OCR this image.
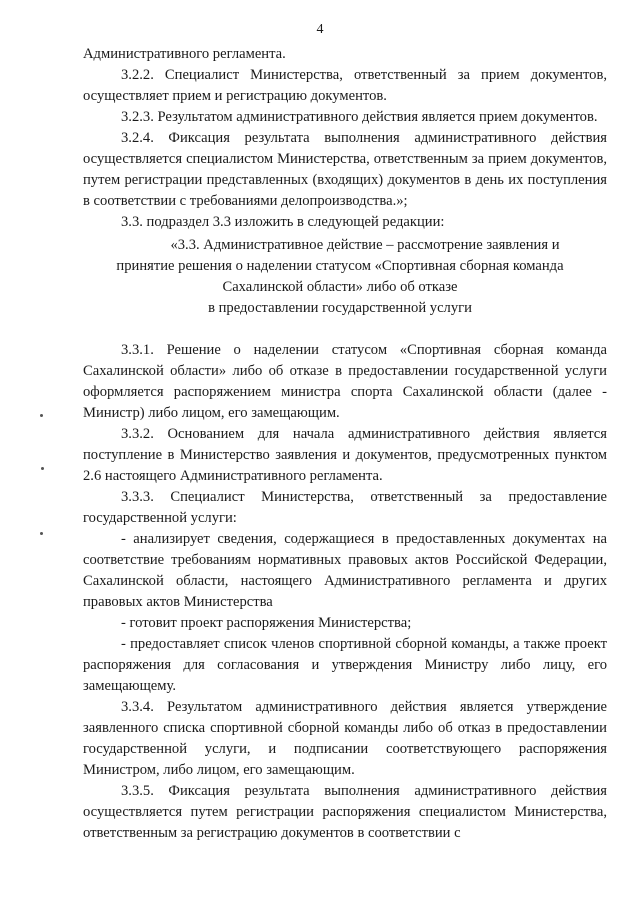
4

Административного регламента.

3.2.2. Специалист Министерства, ответственный за прием документов, осуществляет прием и регистрацию документов.

3.2.3. Результатом административного действия является прием документов.

3.2.4. Фиксация результата выполнения административного действия осуществляется специалистом Министерства, ответственным за прием документов, путем регистрации представленных (входящих) документов в день их поступления в соответствии с требованиями делопроизводства.»;

3.3. подраздел 3.3 изложить в следующей редакции:

«3.3. Административное действие – рассмотрение заявления и
принятие решения о наделении статусом «Спортивная сборная команда
Сахалинской области» либо об отказе
в предоставлении государственной услуги

3.3.1. Решение о наделении статусом «Спортивная сборная команда Сахалинской области» либо об отказе в предоставлении государственной услуги оформляется распоряжением министра спорта Сахалинской области (далее - Министр) либо лицом, его замещающим.

3.3.2. Основанием для начала административного действия является поступление в Министерство заявления и документов, предусмотренных пунктом 2.6 настоящего Административного регламента.

3.3.3. Специалист Министерства, ответственный за предоставление государственной услуги:

- анализирует сведения, содержащиеся в предоставленных документах на соответствие требованиям нормативных правовых актов Российской Федерации, Сахалинской области, настоящего Административного регламента и других правовых актов Министерства

- готовит проект распоряжения Министерства;

- предоставляет список членов спортивной сборной команды, а также проект распоряжения для согласования и утверждения Министру либо лицу, его замещающему.

3.3.4. Результатом административного действия является утверждение заявленного списка спортивной сборной команды либо об отказ в предоставлении государственной услуги, и подписании соответствующего распоряжения Министром, либо лицом, его замещающим.

3.3.5. Фиксация результата выполнения административного действия осуществляется путем регистрации распоряжения специалистом Министерства, ответственным за регистрацию документов в соответствии с
